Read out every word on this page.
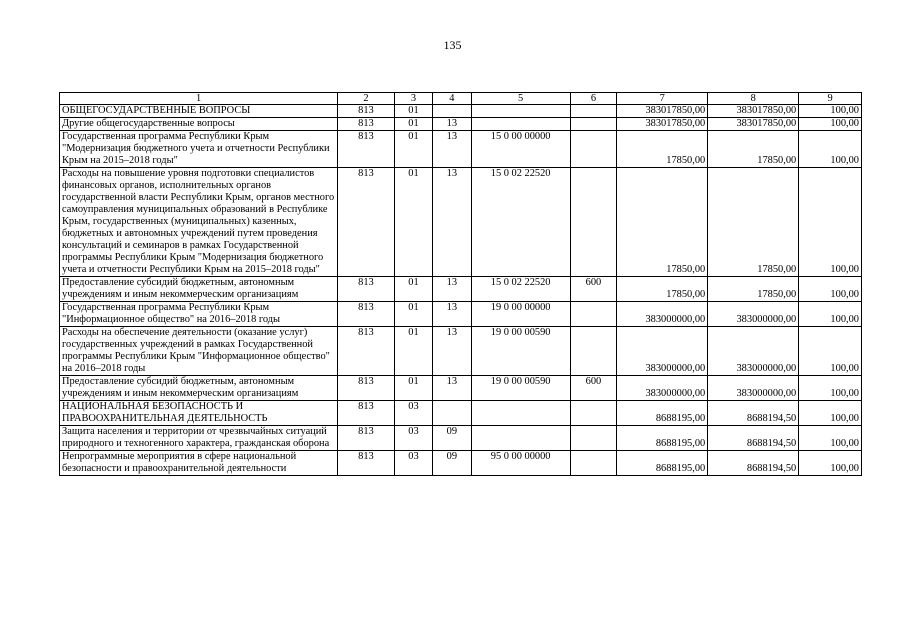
135
1	2	3	4	5	6	7	8	9
ОБЩЕГОСУДАРСТВЕННЫЕ ВОПРОСЫ	813	01				383017850,00	383017850,00	100,00
Другие общегосударственные вопросы	813	01	13			383017850,00	383017850,00	100,00
Государственная программа Республики Крым "Модернизация бюджетного учета и отчетности Республики Крым на 2015–2018 годы"	813	01	13	15 0 00 00000		17850,00	17850,00	100,00
Расходы на повышение уровня подготовки специалистов финансовых органов, исполнительных органов государственной власти Республики Крым, органов местного самоуправления муниципальных образований в Республике Крым, государственных (муниципальных) казенных, бюджетных и автономных учреждений путем проведения консультаций и семинаров в рамках Государственной программы Республики Крым "Модернизация бюджетного учета и отчетности Республики Крым на 2015–2018 годы"	813	01	13	15 0 02 22520		17850,00	17850,00	100,00
Предоставление субсидий бюджетным, автономным учреждениям и иным некоммерческим организациям	813	01	13	15 0 02 22520	600	17850,00	17850,00	100,00
Государственная программа Республики Крым "Информационное общество" на 2016–2018 годы	813	01	13	19 0 00 00000		383000000,00	383000000,00	100,00
Расходы на обеспечение деятельности (оказание услуг) государственных учреждений в рамках Государственной программы Республики Крым "Информационное общество" на 2016–2018 годы	813	01	13	19 0 00 00590		383000000,00	383000000,00	100,00
Предоставление субсидий бюджетным, автономным учреждениям и иным некоммерческим организациям	813	01	13	19 0 00 00590	600	383000000,00	383000000,00	100,00
НАЦИОНАЛЬНАЯ БЕЗОПАСНОСТЬ И ПРАВООХРАНИТЕЛЬНАЯ ДЕЯТЕЛЬНОСТЬ	813	03				8688195,00	8688194,50	100,00
Защита населения и территории от чрезвычайных ситуаций природного и техногенного характера, гражданская оборона	813	03	09			8688195,00	8688194,50	100,00
Непрограммные мероприятия в сфере национальной безопасности и правоохранительной деятельности	813	03	09	95 0 00 00000		8688195,00	8688194,50	100,00
